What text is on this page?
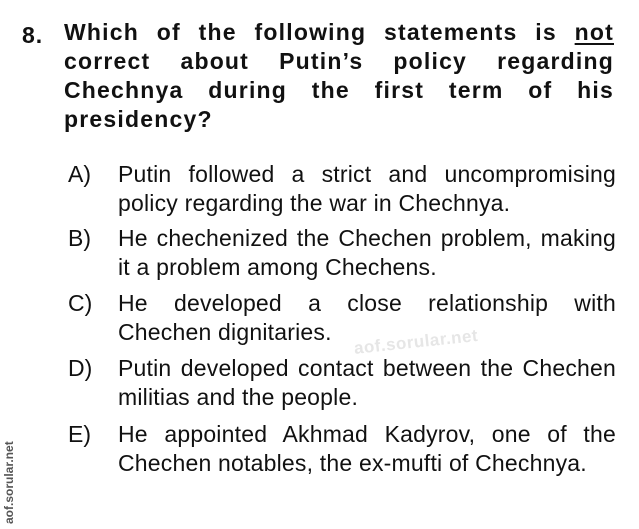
8. Which of the following statements is not correct about Putin’s policy regarding Chechnya during the first term of his presidency?
A) Putin followed a strict and uncompromising policy regarding the war in Chechnya.
B) He chechenized the Chechen problem, making it a problem among Chechens.
C) He developed a close relationship with Chechen dignitaries.
D) Putin developed contact between the Chechen militias and the people.
E) He appointed Akhmad Kadyrov, one of the Chechen notables, the ex-mufti of Chechnya.
aof.sorular.net
aof.sorular.net
